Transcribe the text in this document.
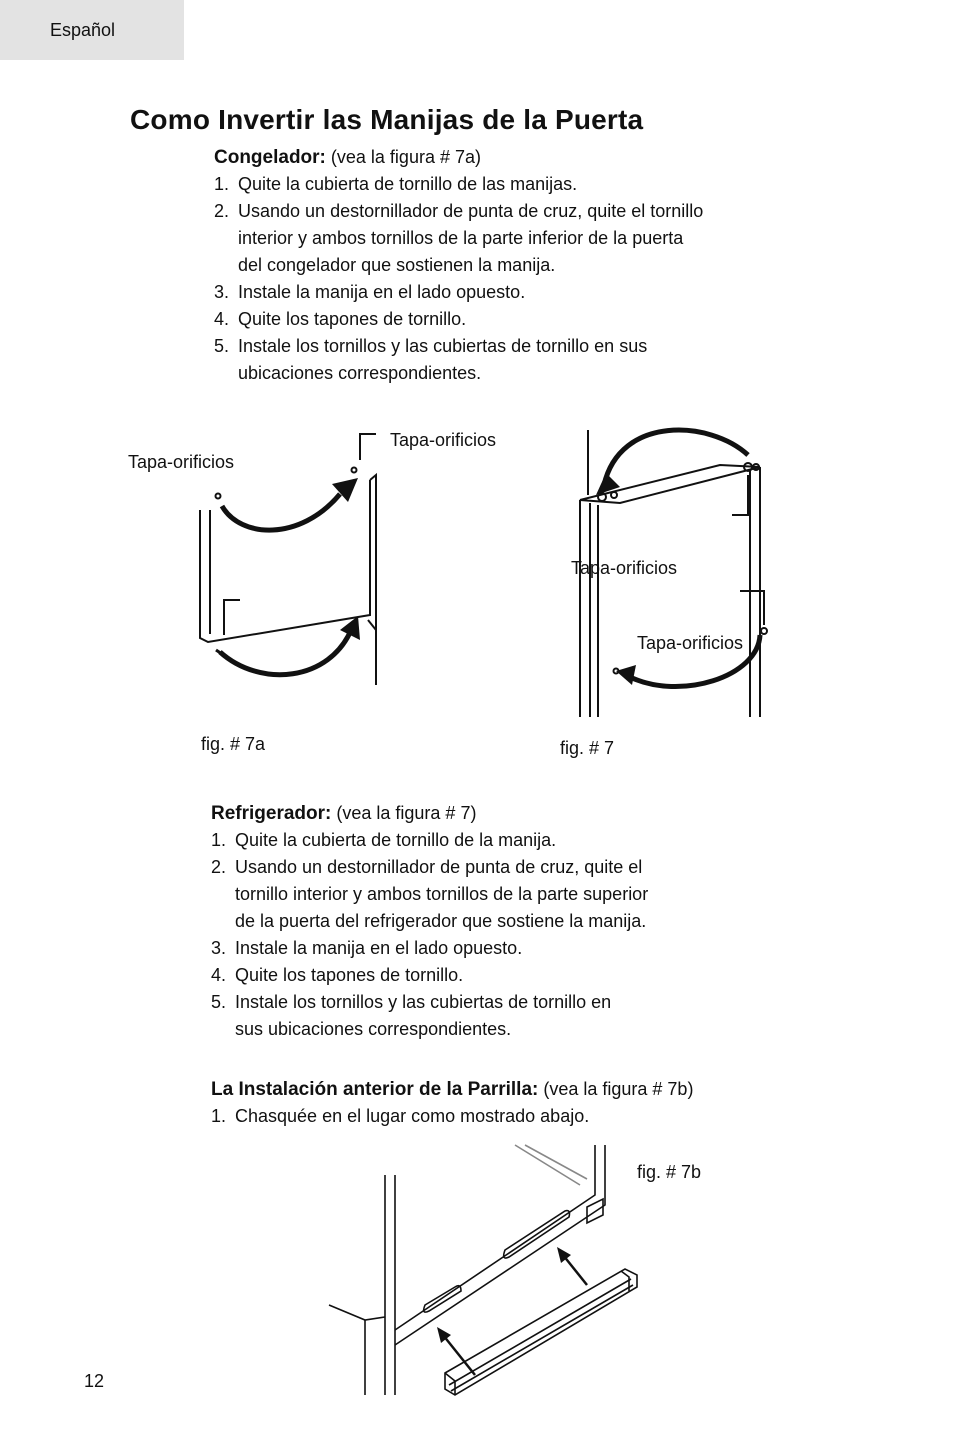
Español
Como Invertir las Manijas de la Puerta
Congelador: (vea la figura # 7a)
1. Quite la cubierta de tornillo de las manijas.
2. Usando un destornillador de punta de cruz, quite el tornillo
interior y ambos tornillos de la parte inferior de la puerta
del congelador que sostienen la manija.
3. Instale la manija en el lado opuesto.
4. Quite los tapones de tornillo.
5. Instale los tornillos y las cubiertas de tornillo en sus
ubicaciones correspondientes.
Tapa-orificios
Tapa-orificios
fig. # 7a
Tapa-orificios
Tapa-orificios
fig. # 7
Refrigerador: (vea la figura # 7)
1. Quite la cubierta de tornillo de la manija.
2. Usando un destornillador de punta de cruz, quite el
tornillo interior y ambos tornillos de la parte superior
de la puerta del refrigerador que sostiene la manija.
3. Instale la manija en el lado opuesto.
4. Quite los tapones de tornillo.
5. Instale los tornillos y las cubiertas de tornillo en
sus ubicaciones correspondientes.
La Instalación anterior de la Parrilla: (vea la figura # 7b)
1. Chasquée en el lugar como mostrado abajo.
fig. # 7b
12
